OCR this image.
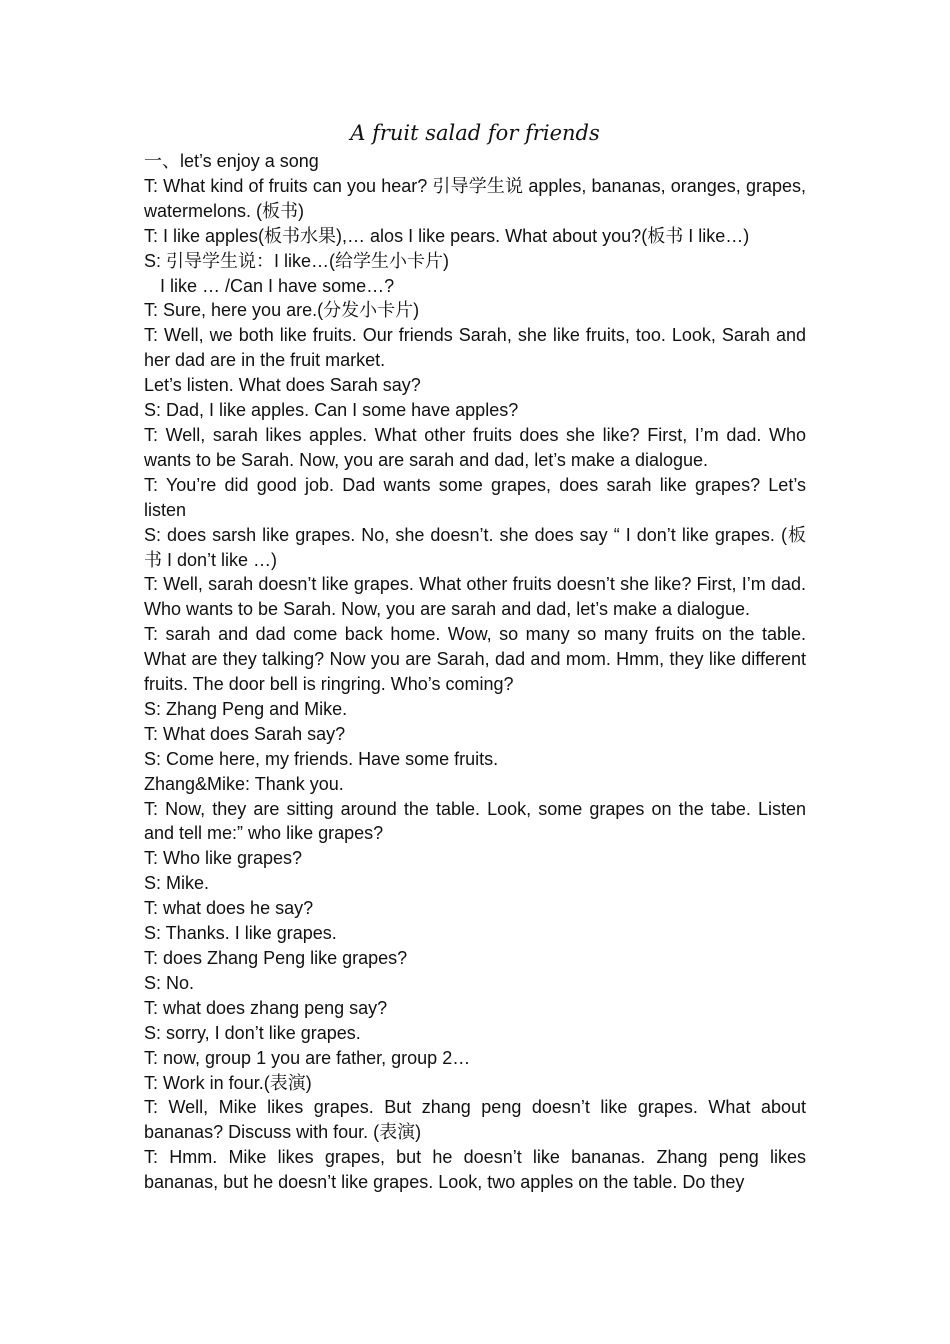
A fruit salad for friends

一、let’s enjoy a song

T: What kind of fruits can you hear? 引导学生说 apples, bananas, oranges, grapes, watermelons. (板书)

T: I like apples(板书水果),… alos I like pears. What about you?(板书 I like…)

S: 引导学生说：I like…(给学生小卡片)

I like … /Can I have some…?

T: Sure, here you are.(分发小卡片)

T: Well, we both like fruits. Our friends Sarah, she like fruits, too. Look, Sarah and her dad are in the fruit market.

Let’s listen. What does Sarah say?

S: Dad, I like apples. Can I some have apples?

T: Well, sarah likes apples. What other fruits does she like? First, I’m dad. Who wants to be Sarah. Now, you are sarah and dad, let’s make a dialogue.

T: You’re did good job. Dad wants some grapes, does sarah like grapes? Let’s listen

S: does sarsh like grapes. No, she doesn’t. she does say “ I don’t like grapes. (板书 I don’t like …)

T: Well, sarah doesn’t like grapes. What other fruits doesn’t she like? First, I’m dad. Who wants to be Sarah. Now, you are sarah and dad, let’s make a dialogue.

T: sarah and dad come back home. Wow, so many so many fruits on the table. What are they talking? Now you are Sarah, dad and mom. Hmm, they like different fruits. The door bell is ringring. Who’s coming?

S: Zhang Peng and Mike.

T: What does Sarah say?

S: Come here, my friends. Have some fruits.

Zhang&Mike: Thank you.

T: Now, they are sitting around the table. Look, some grapes on the tabe. Listen and tell me:” who like grapes?

T: Who like grapes?

S: Mike.

T: what does he say?

S: Thanks. I like grapes.

T: does Zhang Peng like grapes?

S: No.

T: what does zhang peng say?

S: sorry, I don’t like grapes.

T: now, group 1 you are father, group 2…

T: Work in four.(表演)

T: Well, Mike likes grapes. But zhang peng doesn’t like grapes. What about bananas? Discuss with four. (表演)

T: Hmm. Mike likes grapes, but he doesn’t like bananas. Zhang peng likes bananas, but he doesn’t like grapes. Look, two apples on the table. Do they
